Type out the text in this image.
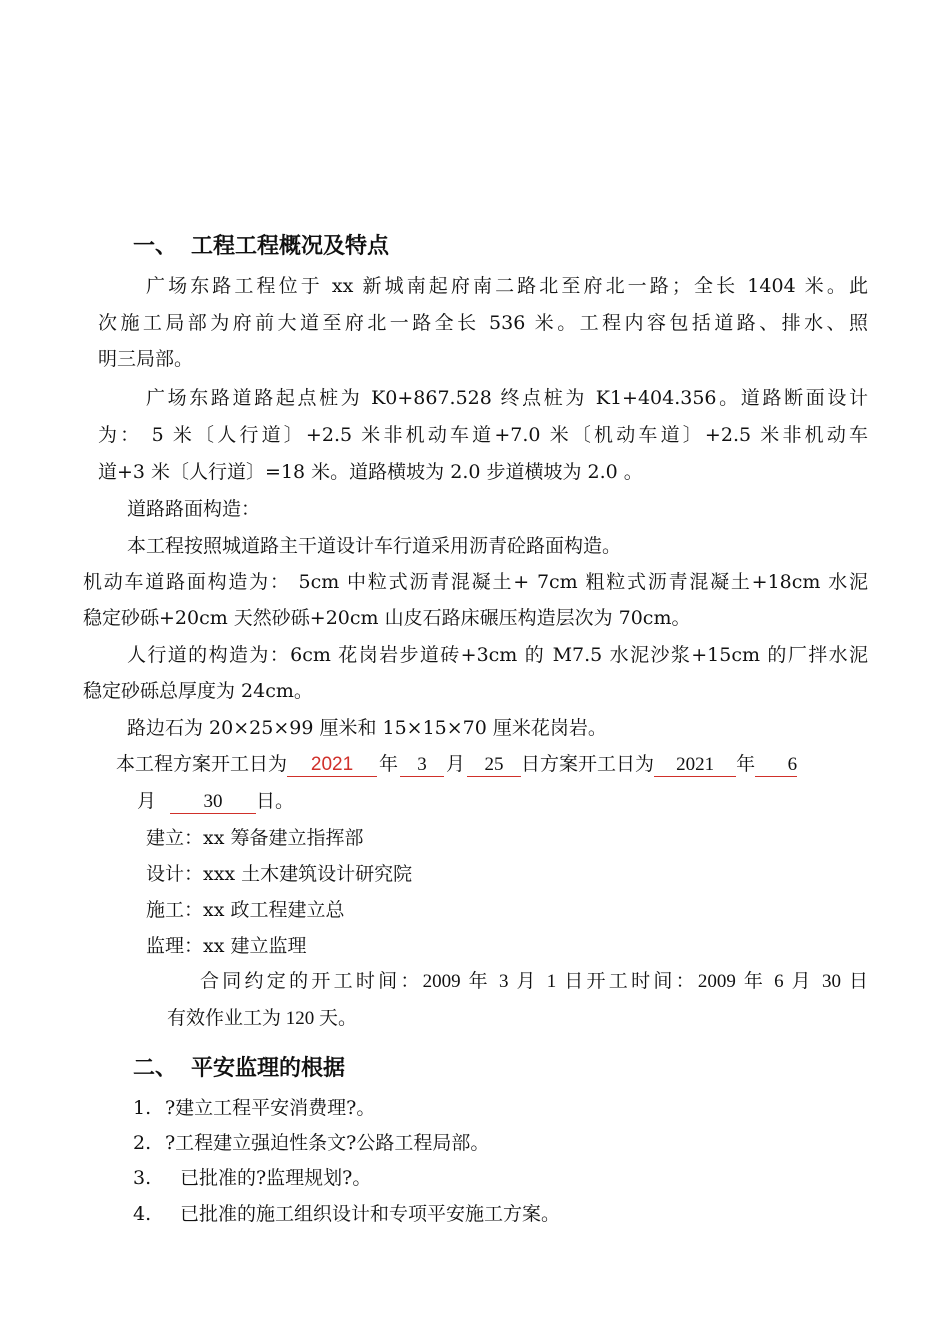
一、 工程工程概况及特点
广场东路工程位于 xx 新城南起府南二路北至府北一路；全长 1404 米。此
次施工局部为府前大道至府北一路全长 536 米。工程内容包括道路、排水、照
明三局部。
广场东路道路起点桩为 K0+867.528 终点桩为 K1+404.356。道路断面设计
为： 5 米〔人行道〕+2.5 米非机动车道+7.0 米〔机动车道〕+2.5 米非机动车
道+3 米〔人行道〕=18 米。道路横坡为 2.0 步道横坡为 2.0 。
道路路面构造：
本工程按照城道路主干道设计车行道采用沥青砼路面构造。
机动车道路面构造为： 5cm 中粒式沥青混凝土+ 7cm 粗粒式沥青混凝土+18cm 水泥
稳定砂砾+20cm 天然砂砾+20cm 山皮石路床碾压构造层次为 70cm。
人行道的构造为：6cm 花岗岩步道砖+3cm 的 M7.5 水泥沙浆+15cm 的厂拌水泥
稳定砂砾总厚度为 24cm。
路边石为 20×25×99 厘米和 15×15×70 厘米花岗岩。
本工程方案开工日为 2021 年 3 月 25 日方案开工日为 2021 年 6
月	30 日。
建立：xx 筹备建立指挥部
设计：xxx 土木建筑设计研究院
施工：xx 政工程建立总
监理：xx 建立监理
合同约定的开工时间：2009 年 3 月 1 日开工时间：2009 年 6 月 30 日
有效作业工为 120 天。
二、 平安监理的根据
1. ?建立工程平安消费理?。
2. ?工程建立强迫性条文?公路工程局部。
3. 已批准的?监理规划?。
4. 已批准的施工组织设计和专项平安施工方案。
